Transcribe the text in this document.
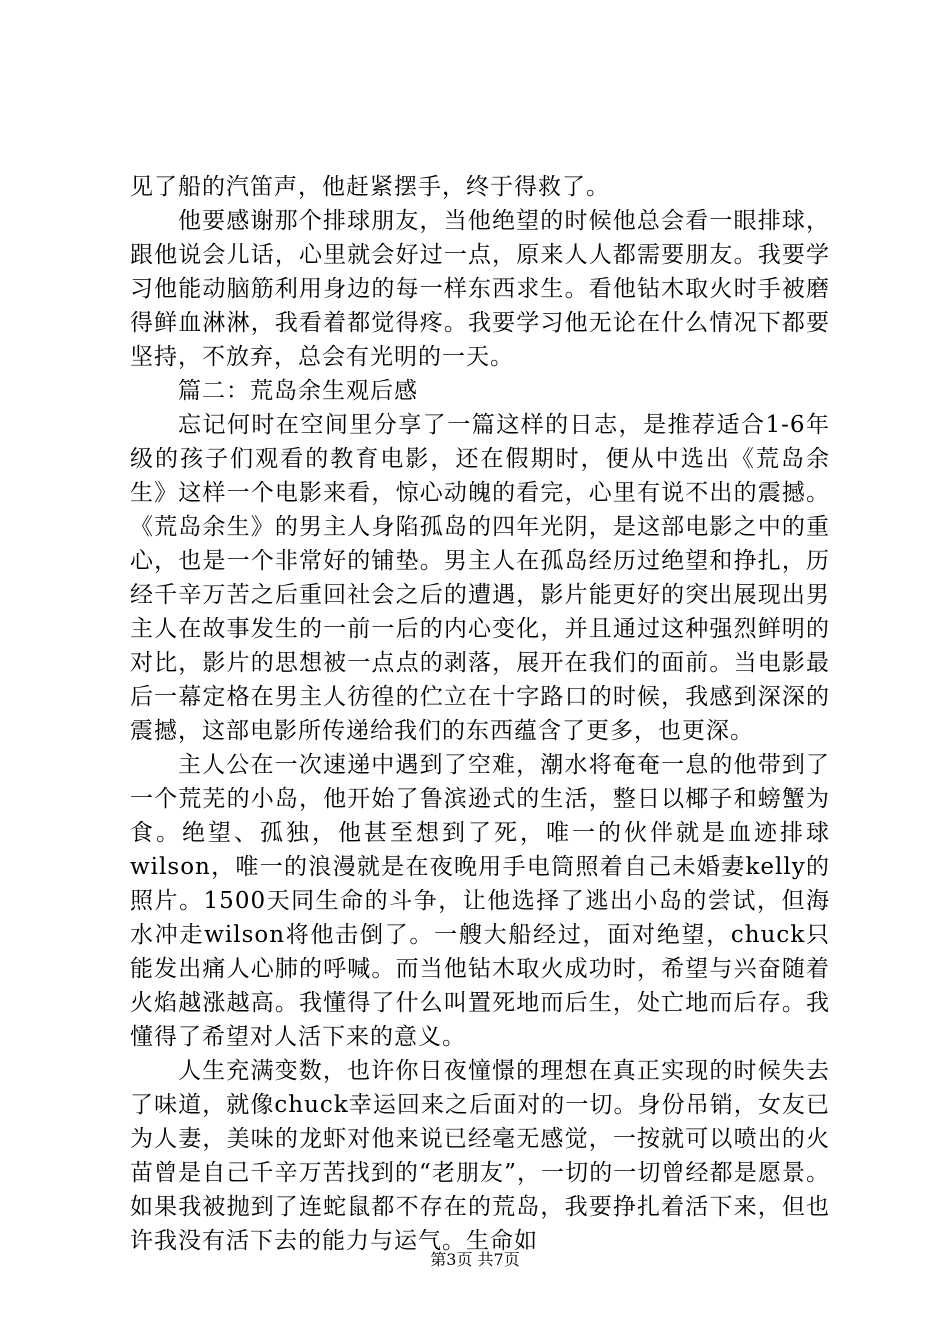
见了船的汽笛声，他赶紧摆手，终于得救了。

他要感谢那个排球朋友，当他绝望的时候他总会看一眼排球，跟他说会儿话，心里就会好过一点，原来人人都需要朋友。我要学习他能动脑筋利用身边的每一样东西求生。看他钻木取火时手被磨得鲜血淋淋，我看着都觉得疼。我要学习他无论在什么情况下都要坚持，不放弃，总会有光明的一天。

篇二：荒岛余生观后感

忘记何时在空间里分享了一篇这样的日志，是推荐适合1-6年级的孩子们观看的教育电影，还在假期时，便从中选出《荒岛余生》这样一个电影来看，惊心动魄的看完，心里有说不出的震撼。《荒岛余生》的男主人身陷孤岛的四年光阴，是这部电影之中的重心，也是一个非常好的铺垫。男主人在孤岛经历过绝望和挣扎，历经千辛万苦之后重回社会之后的遭遇，影片能更好的突出展现出男主人在故事发生的一前一后的内心变化，并且通过这种强烈鲜明的对比，影片的思想被一点点的剥落，展开在我们的面前。当电影最后一幕定格在男主人彷徨的伫立在十字路口的时候，我感到深深的震撼，这部电影所传递给我们的东西蕴含了更多，也更深。

主人公在一次速递中遇到了空难，潮水将奄奄一息的他带到了一个荒芜的小岛，他开始了鲁滨逊式的生活，整日以椰子和螃蟹为食。绝望、孤独，他甚至想到了死，唯一的伙伴就是血迹排球wilson，唯一的浪漫就是在夜晚用手电筒照着自己未婚妻kelly的照片。1500天同生命的斗争，让他选择了逃出小岛的尝试，但海水冲走wilson将他击倒了。一艘大船经过，面对绝望，chuck只能发出痛人心肺的呼喊。而当他钻木取火成功时，希望与兴奋随着火焰越涨越高。我懂得了什么叫置死地而后生，处亡地而后存。我懂得了希望对人活下来的意义。

人生充满变数，也许你日夜憧憬的理想在真正实现的时候失去了味道，就像chuck幸运回来之后面对的一切。身份吊销，女友已为人妻，美味的龙虾对他来说已经毫无感觉，一按就可以喷出的火苗曾是自己千辛万苦找到的“老朋友”，一切的一切曾经都是愿景。如果我被抛到了连蛇鼠都不存在的荒岛，我要挣扎着活下来，但也许我没有活下去的能力与运气。生命如

第3页 共7页
